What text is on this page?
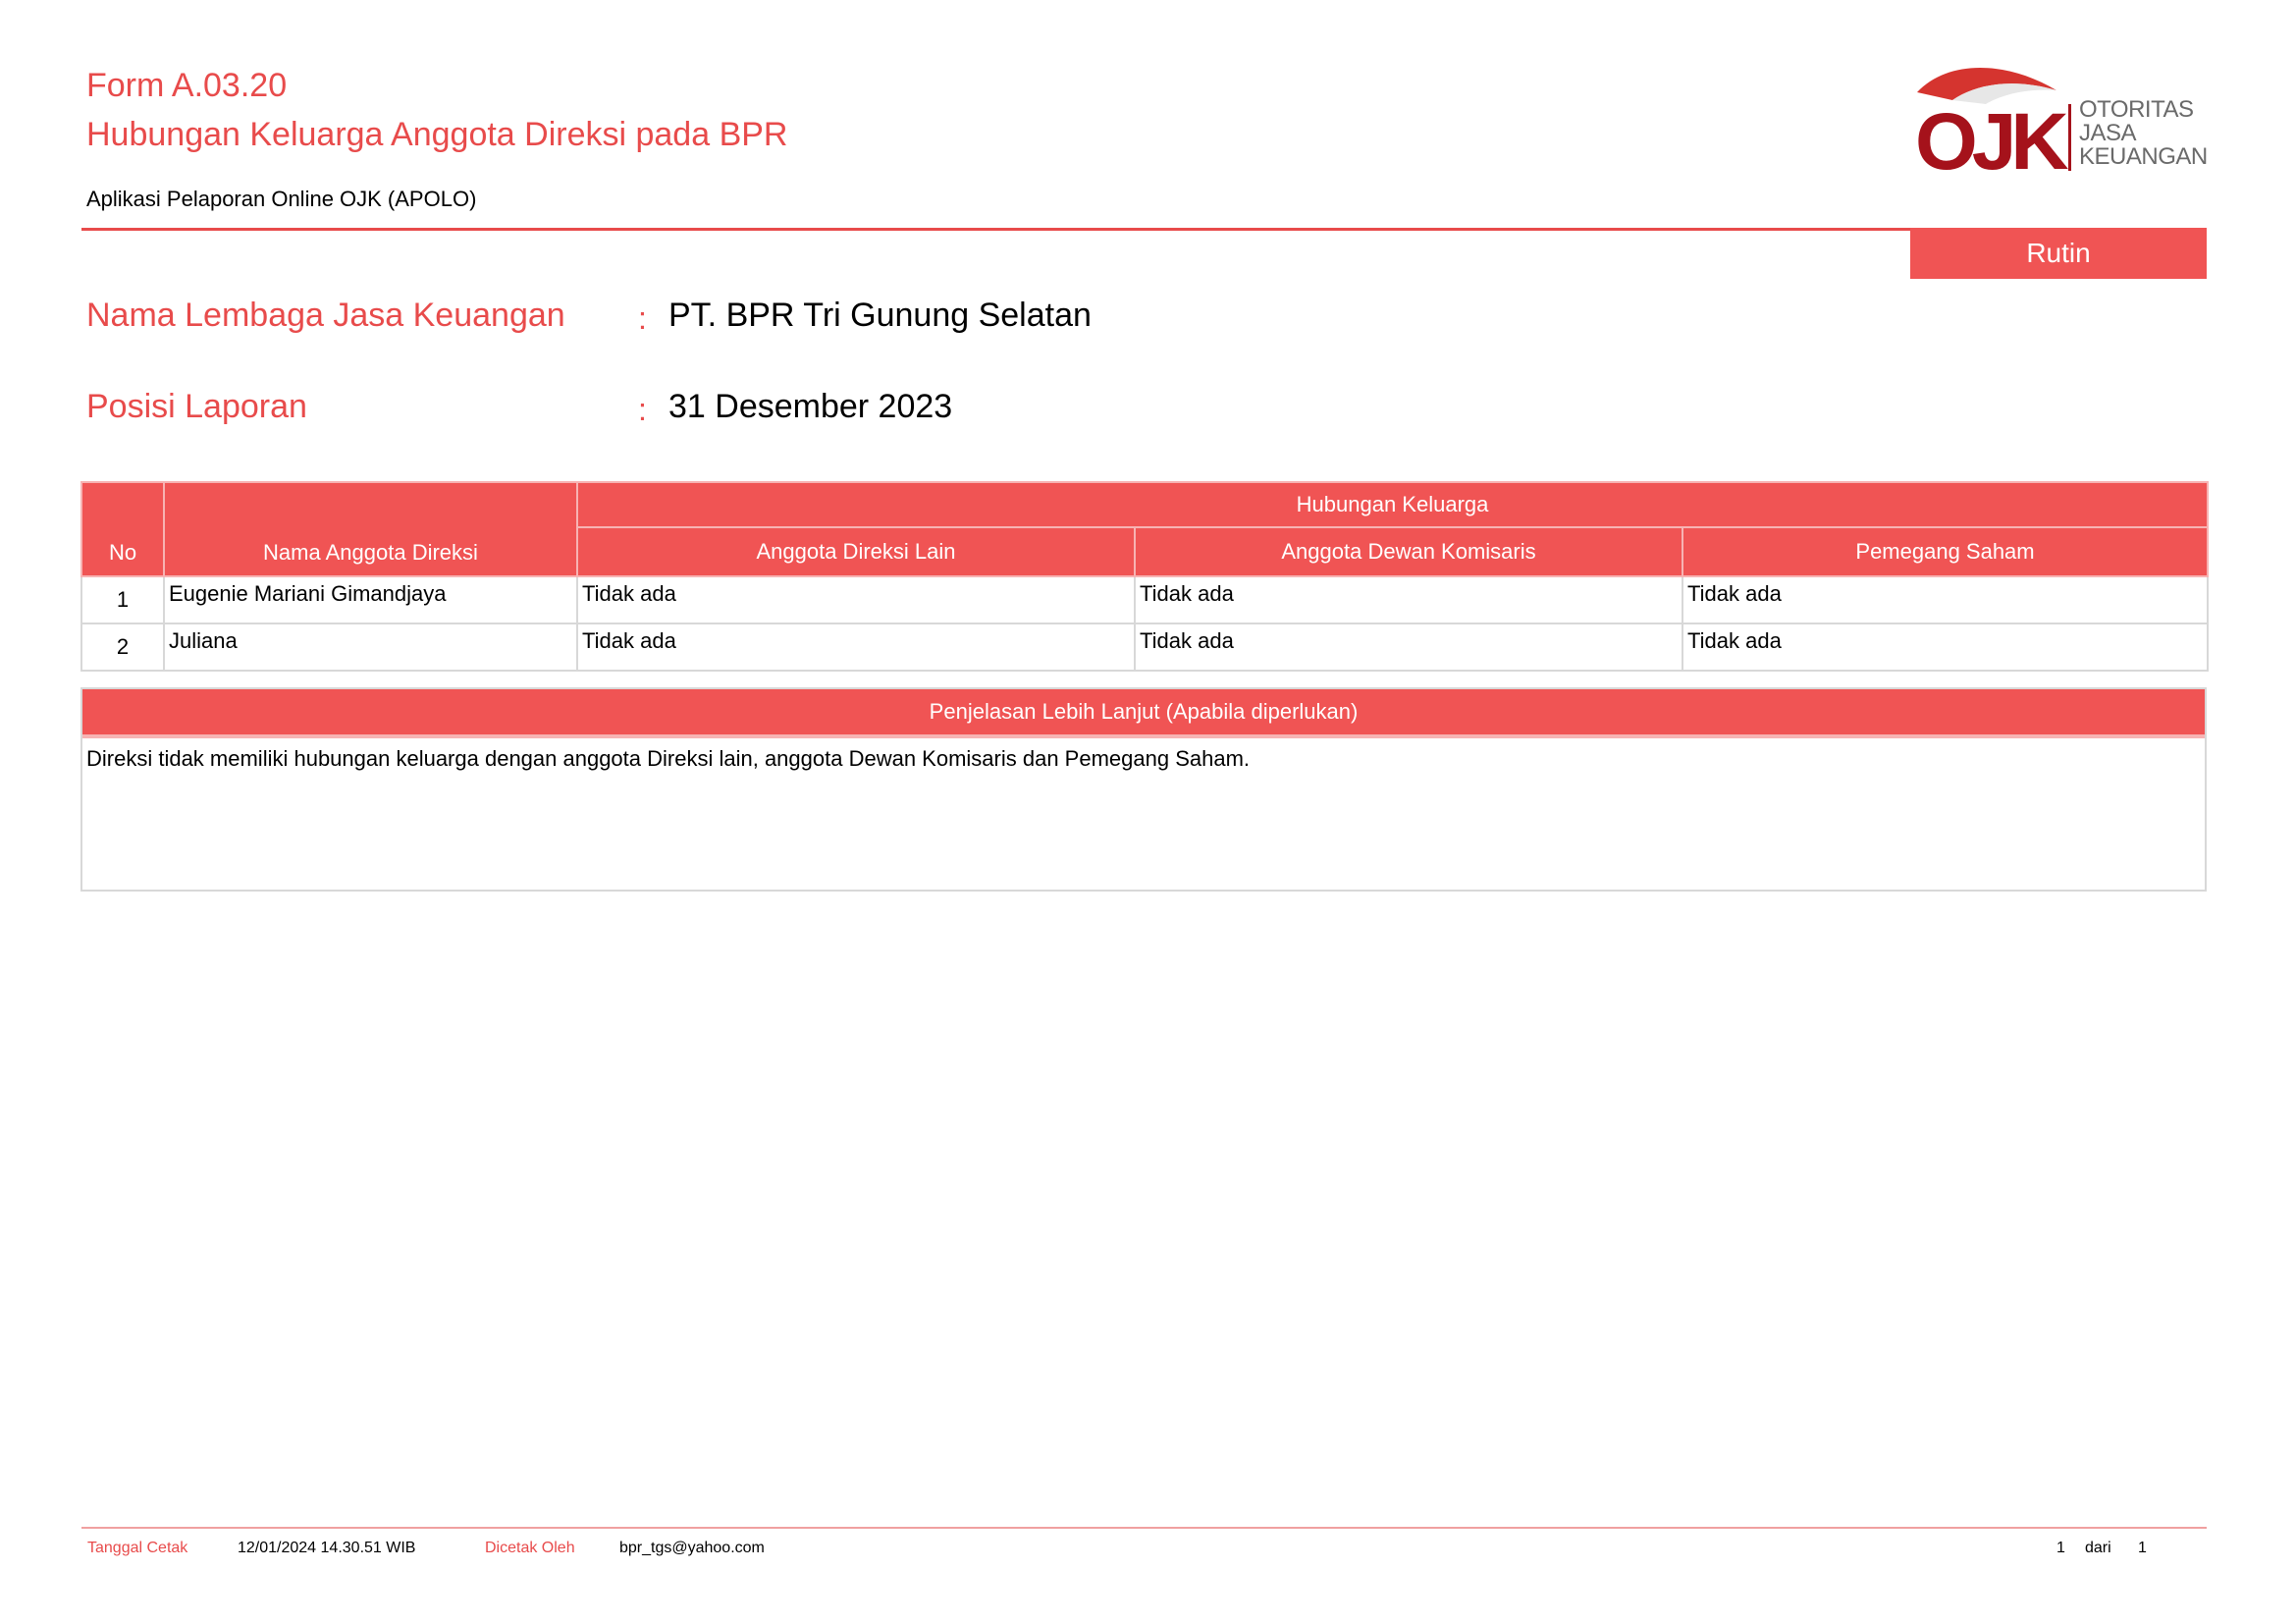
Form A.03.20
Hubungan Keluarga Anggota Direksi pada BPR
Aplikasi Pelaporan Online OJK (APOLO)
OJK OTORITAS
JASA
KEUANGAN
Rutin
Nama Lembaga Jasa Keuangan : PT. BPR Tri Gunung Selatan
Posisi Laporan	: 31 Desember 2023
No	Nama Anggota Direksi	Hubungan Keluarga		
		Anggota Direksi Lain	Anggota Dewan Komisaris	Pemegang Saham
1	Eugenie Mariani Gimandjaya	Tidak ada	Tidak ada	Tidak ada
2	Juliana	Tidak ada	Tidak ada	Tidak ada
Penjelasan Lebih Lanjut (Apabila diperlukan)
Direksi tidak memiliki hubungan keluarga dengan anggota Direksi lain, anggota Dewan Komisaris dan Pemegang Saham.
Tanggal Cetak	12/01/2024 14.30.51 WIB	Dicetak Oleh	bpr_tgs@yahoo.com	1 dari 1
